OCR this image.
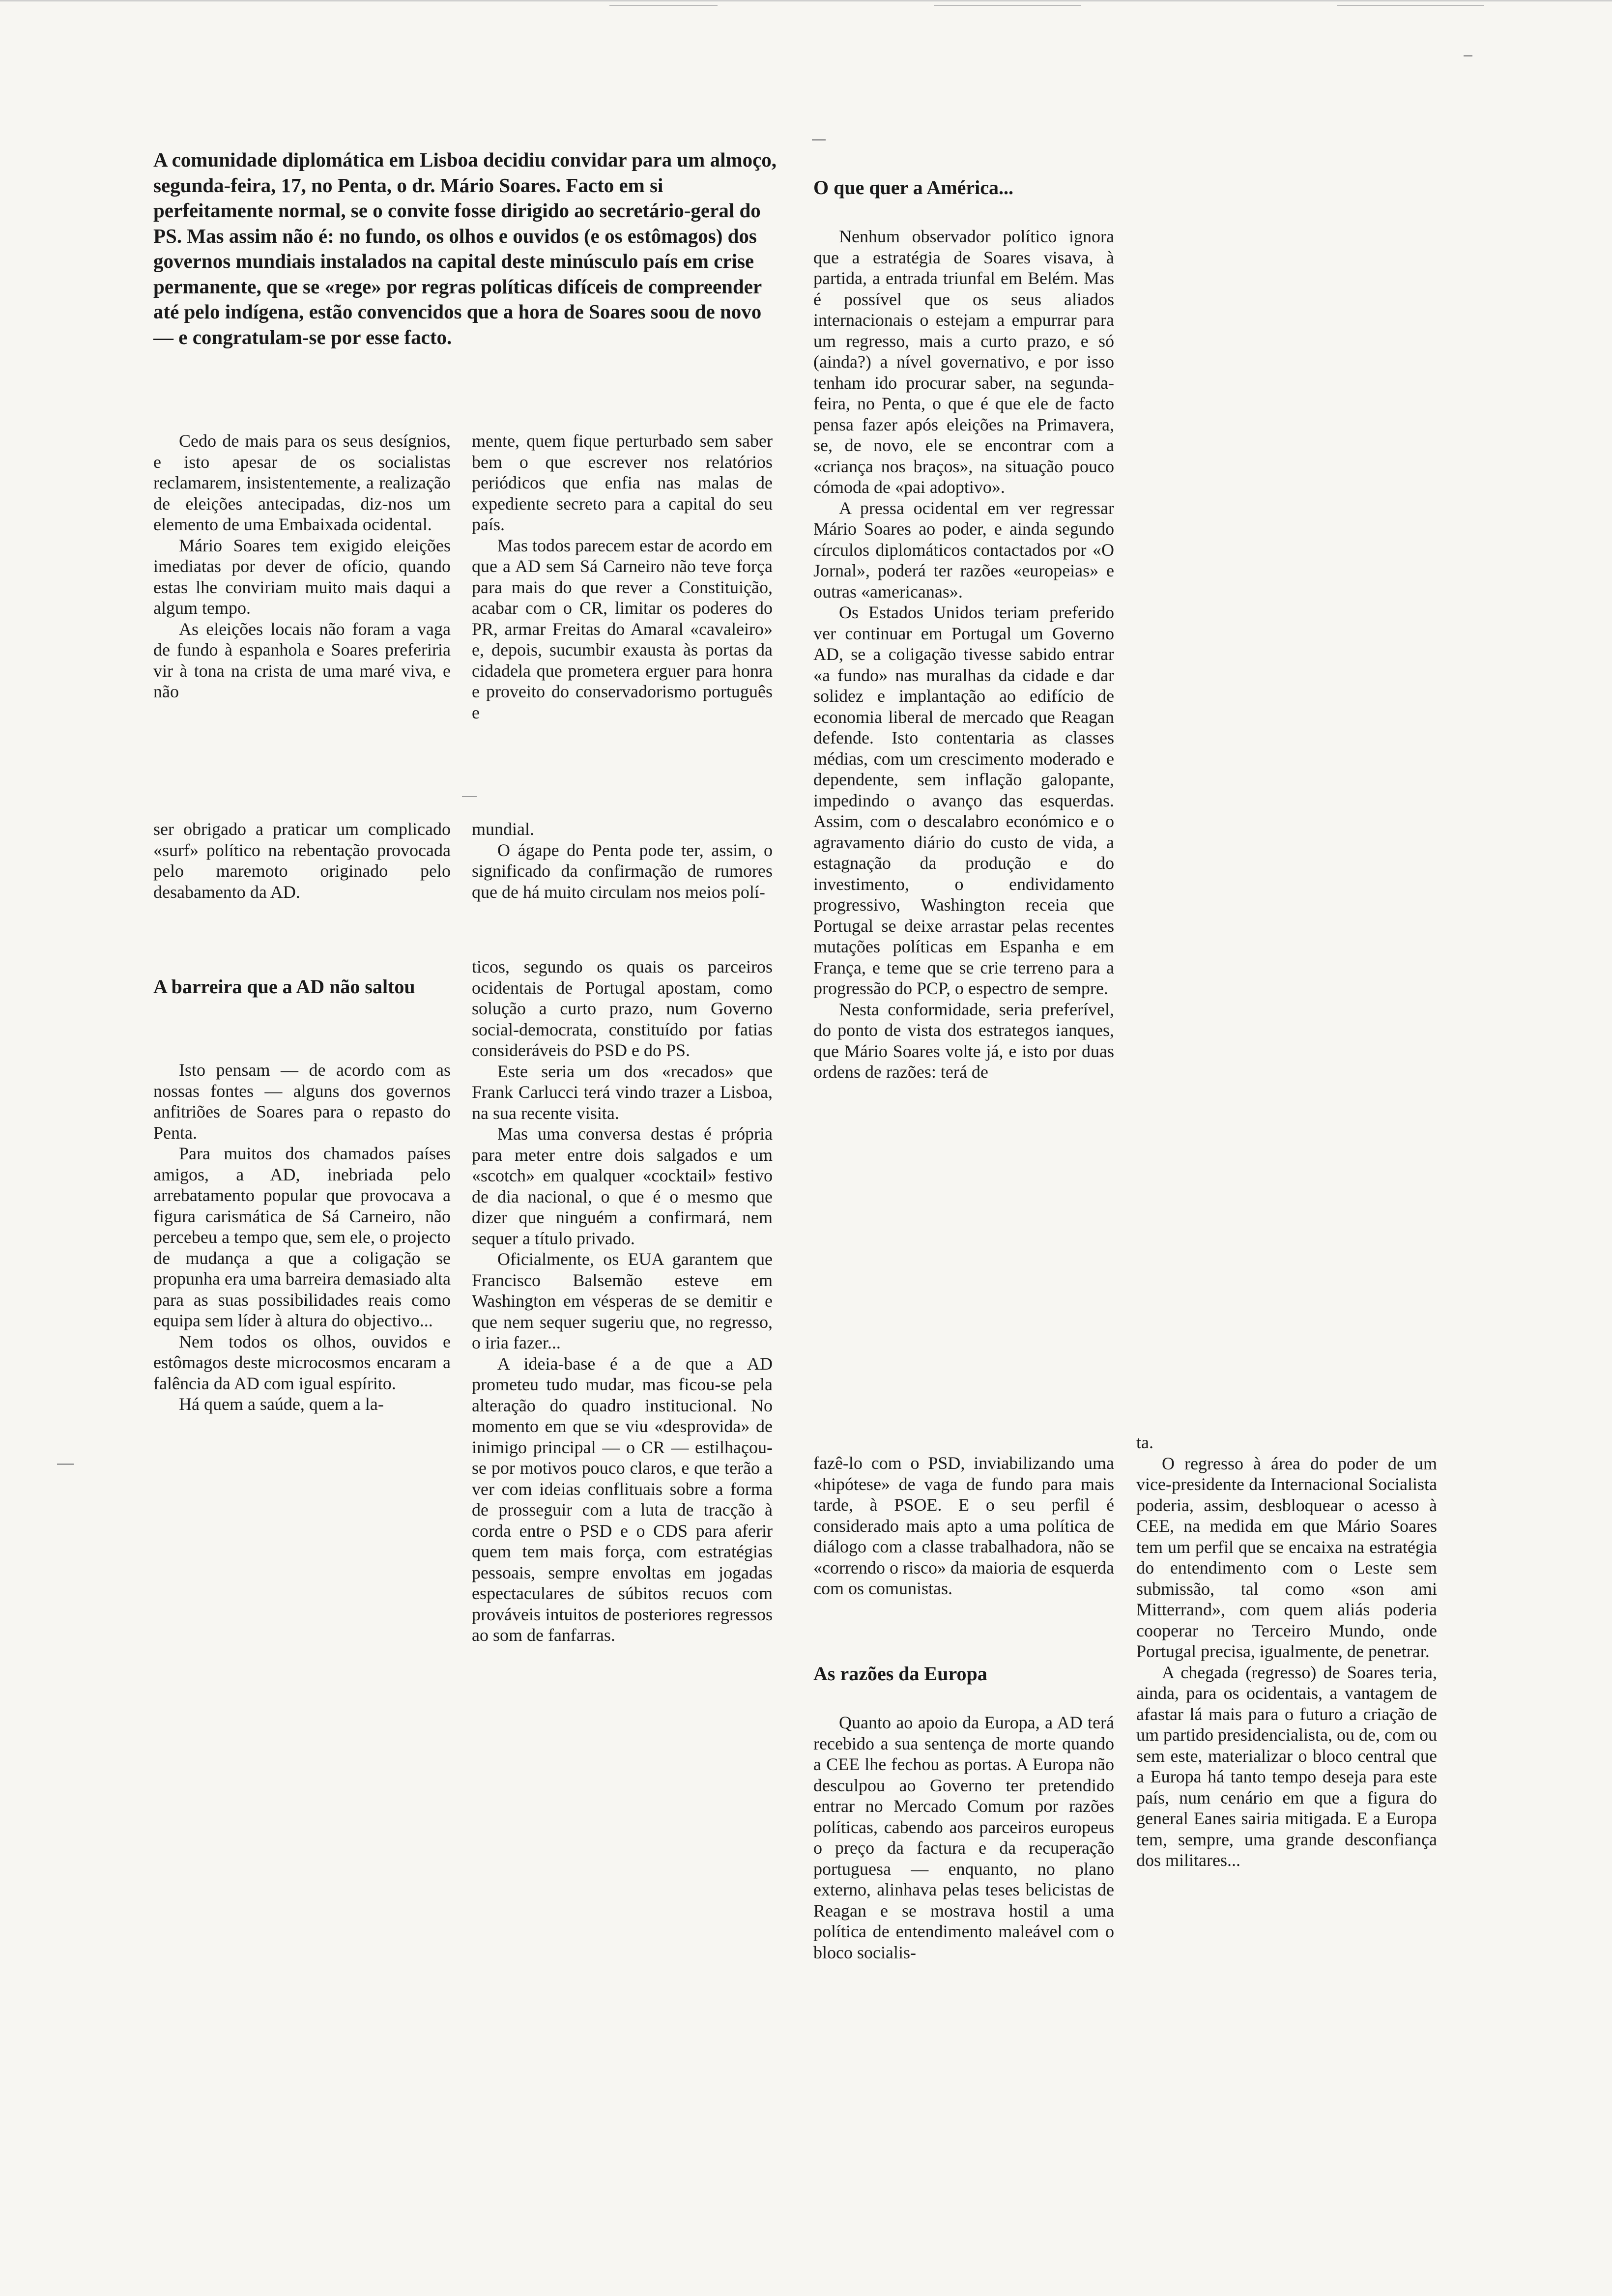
A comunidade diplomática em Lisboa decidiu convidar para um almoço, segunda-feira, 17, no Penta, o dr. Mário Soares. Facto em si perfeitamente normal, se o convite fosse dirigido ao secretário-geral do PS. Mas assim não é: no fundo, os olhos e ouvidos (e os estômagos) dos governos mundiais instalados na capital deste minúsculo país em crise permanente, que se «rege» por regras políticas difíceis de compreender até pelo indígena, estão convencidos que a hora de Soares soou de novo — e congratulam-se por esse facto.

Cedo de mais para os seus desígnios, e isto apesar de os socialistas reclamarem, insistentemente, a realização de eleições antecipadas, diz-nos um elemento de uma Embaixada ocidental.

Mário Soares tem exigido eleições imediatas por dever de ofício, quando estas lhe conviriam muito mais daqui a algum tempo.

As eleições locais não foram a vaga de fundo à espanhola e Soares preferiria vir à tona na crista de uma maré viva, e não

ser obrigado a praticar um complicado «surf» político na rebentação provocada pelo maremoto originado pelo desabamento da AD.

A barreira que a AD não saltou

Isto pensam — de acordo com as nossas fontes — alguns dos governos anfitriões de Soares para o repasto do Penta.

Para muitos dos chamados países amigos, a AD, inebriada pelo arrebatamento popular que provocava a figura carismática de Sá Carneiro, não percebeu a tempo que, sem ele, o projecto de mudança a que a coligação se propunha era uma barreira demasiado alta para as suas possibilidades reais como equipa sem líder à altura do objectivo...

Nem todos os olhos, ouvidos e estômagos deste microcosmos encaram a falência da AD com igual espírito.

Há quem a saúde, quem a la-

mente, quem fique perturbado sem saber bem o que escrever nos relatórios periódicos que enfia nas malas de expediente secreto para a capital do seu país.

Mas todos parecem estar de acordo em que a AD sem Sá Carneiro não teve força para mais do que rever a Constituição, acabar com o CR, limitar os poderes do PR, armar Freitas do Amaral «cavaleiro» e, depois, sucumbir exausta às portas da cidadela que prometera erguer para honra e proveito do conservadorismo português e

mundial.

O ágape do Penta pode ter, assim, o significado da confirmação de rumores que de há muito circulam nos meios polí-

ticos, segundo os quais os parceiros ocidentais de Portugal apostam, como solução a curto prazo, num Governo social-democrata, constituído por fatias consideráveis do PSD e do PS.

Este seria um dos «recados» que Frank Carlucci terá vindo trazer a Lisboa, na sua recente visita.

Mas uma conversa destas é própria para meter entre dois salgados e um «scotch» em qualquer «cocktail» festivo de dia nacional, o que é o mesmo que dizer que ninguém a confirmará, nem sequer a título privado.

Oficialmente, os EUA garantem que Francisco Balsemão esteve em Washington em vésperas de se demitir e que nem sequer sugeriu que, no regresso, o iria fazer...

A ideia-base é a de que a AD prometeu tudo mudar, mas ficou-se pela alteração do quadro institucional. No momento em que se viu «desprovida» de inimigo principal — o CR — estilhaçou-se por motivos pouco claros, e que terão a ver com ideias conflituais sobre a forma de prosseguir com a luta de tracção à corda entre o PSD e o CDS para aferir quem tem mais força, com estratégias pessoais, sempre envoltas em jogadas espectaculares de súbitos recuos com prováveis intuitos de posteriores regressos ao som de fanfarras.

O que quer a América...

Nenhum observador político ignora que a estratégia de Soares visava, à partida, a entrada triunfal em Belém. Mas é possível que os seus aliados internacionais o estejam a empurrar para um regresso, mais a curto prazo, e só (ainda?) a nível governativo, e por isso tenham ido procurar saber, na segunda-feira, no Penta, o que é que ele de facto pensa fazer após eleições na Primavera, se, de novo, ele se encontrar com a «criança nos braços», na situação pouco cómoda de «pai adoptivo».

A pressa ocidental em ver regressar Mário Soares ao poder, e ainda segundo círculos diplomáticos contactados por «O Jornal», poderá ter razões «europeias» e outras «americanas».

Os Estados Unidos teriam preferido ver continuar em Portugal um Governo AD, se a coligação tivesse sabido entrar «a fundo» nas muralhas da cidade e dar solidez e implantação ao edifício de economia liberal de mercado que Reagan defende. Isto contentaria as classes médias, com um crescimento moderado e dependente, sem inflação galopante, impedindo o avanço das esquerdas. Assim, com o descalabro económico e o agravamento diário do custo de vida, a estagnação da produção e do investimento, o endividamento progressivo, Washington receia que Portugal se deixe arrastar pelas recentes mutações políticas em Espanha e em França, e teme que se crie terreno para a progressão do PCP, o espectro de sempre.

Nesta conformidade, seria preferível, do ponto de vista dos estrategos ianques, que Mário Soares volte já, e isto por duas ordens de razões: terá de

fazê-lo com o PSD, inviabilizando uma «hipótese» de vaga de fundo para mais tarde, à PSOE. E o seu perfil é considerado mais apto a uma política de diálogo com a classe trabalhadora, não se «correndo o risco» da maioria de esquerda com os comunistas.

As razões da Europa

Quanto ao apoio da Europa, a AD terá recebido a sua sentença de morte quando a CEE lhe fechou as portas. A Europa não desculpou ao Governo ter pretendido entrar no Mercado Comum por razões políticas, cabendo aos parceiros europeus o preço da factura e da recuperação portuguesa — enquanto, no plano externo, alinhava pelas teses belicistas de Reagan e se mostrava hostil a uma política de entendimento maleável com o bloco socialis-

ta.

O regresso à área do poder de um vice-presidente da Internacional Socialista poderia, assim, desbloquear o acesso à CEE, na medida em que Mário Soares tem um perfil que se encaixa na estratégia do entendimento com o Leste sem submissão, tal como «son ami Mitterrand», com quem aliás poderia cooperar no Terceiro Mundo, onde Portugal precisa, igualmente, de penetrar.

A chegada (regresso) de Soares teria, ainda, para os ocidentais, a vantagem de afastar lá mais para o futuro a criação de um partido presidencialista, ou de, com ou sem este, materializar o bloco central que a Europa há tanto tempo deseja para este país, num cenário em que a figura do general Eanes sairia mitigada. E a Europa tem, sempre, uma grande desconfiança dos militares...
